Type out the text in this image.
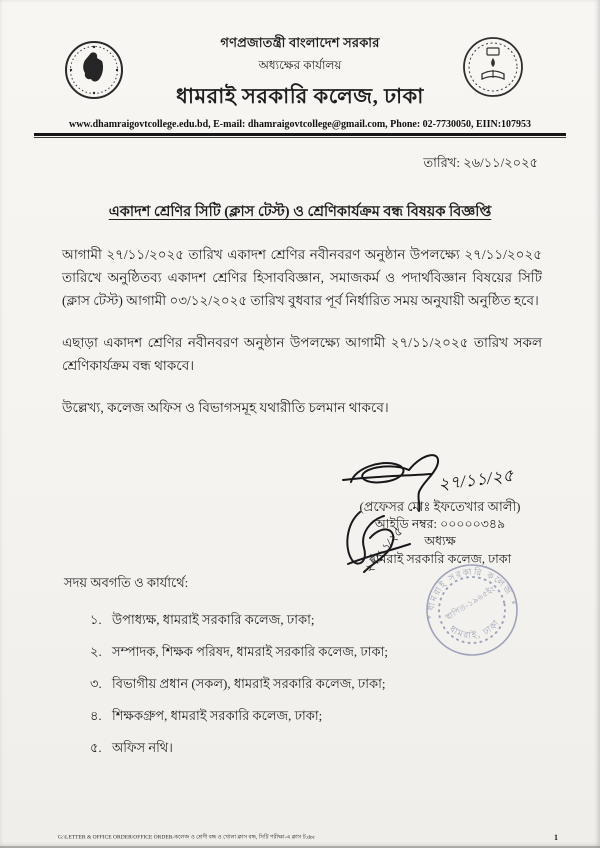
গণপ্রজাতন্ত্রী বাংলাদেশ সরকার
অধ্যক্ষের কার্যালয়
ধামরাই সরকারি কলেজ, ঢাকা
www.dhamraigovtcollege.edu.bd, E-mail: dhamraigovtcollege@gmail.com, Phone: 02-7730050, EIIN:107953
তারিখ: ২৬/১১/২০২৫
একাদশ শ্রেণির সিটি (ক্লাস টেস্ট) ও শ্রেণিকার্যক্রম বন্ধ বিষয়ক বিজ্ঞপ্তি

আগামী ২৭/১১/২০২৫ তারিখ একাদশ শ্রেণির নবীনবরণ অনুষ্ঠান উপলক্ষ্যে ২৭/১১/২০২৫ তারিখে অনুষ্ঠিতব্য একাদশ শ্রেণির হিসাববিজ্ঞান, সমাজকর্ম ও পদার্থবিজ্ঞান বিষয়ের সিটি (ক্লাস টেস্ট) আগামী ০৩/১২/২০২৫ তারিখ বুধবার পূর্ব নির্ধারিত সময় অনুযায়ী অনুষ্ঠিত হবে।

এছাড়া একাদশ শ্রেণির নবীনবরণ অনুষ্ঠান উপলক্ষ্যে আগামী ২৭/১১/২০২৫ তারিখ সকল শ্রেণিকার্যক্রম বন্ধ থাকবে।

উল্লেখ্য, কলেজ অফিস ও বিভাগসমূহ যথারীতি চলমান থাকবে।

২৭/১১/২৫
(প্রফেসর মোঃ ইফতেখার আলী)
আইডি নম্বর: ০০০০০৩৪৯
অধ্যক্ষ
ধামরাই সরকারি কলেজ, ঢাকা
সদয় অবগতি ও কার্যার্থে:
১. উপাধ্যক্ষ, ধামরাই সরকারি কলেজ, ঢাকা;
২. সম্পাদক, শিক্ষক পরিষদ, ধামরাই সরকারি কলেজ, ঢাকা;
৩. বিভাগীয় প্রধান (সকল), ধামরাই সরকারি কলেজ, ঢাকা;
৪. শিক্ষকগ্রুপ, ধামরাই সরকারি কলেজ, ঢাকা;
৫. অফিস নথি।
২৭/১১/২৫
ধামরাই সরকারি কলেজ
ধামরাই, ঢাকা
স্থাপিত-১৯৬৫ইং
*
*
G:\LETTER & OFFICE ORDER\OFFICE ORDER-কলেজ ও শ্রেণী বন্ধ ও খোলা ক্লাস বন্ধ, সিটি পরীক্ষা-এ ক্লাস ট.doc	1
